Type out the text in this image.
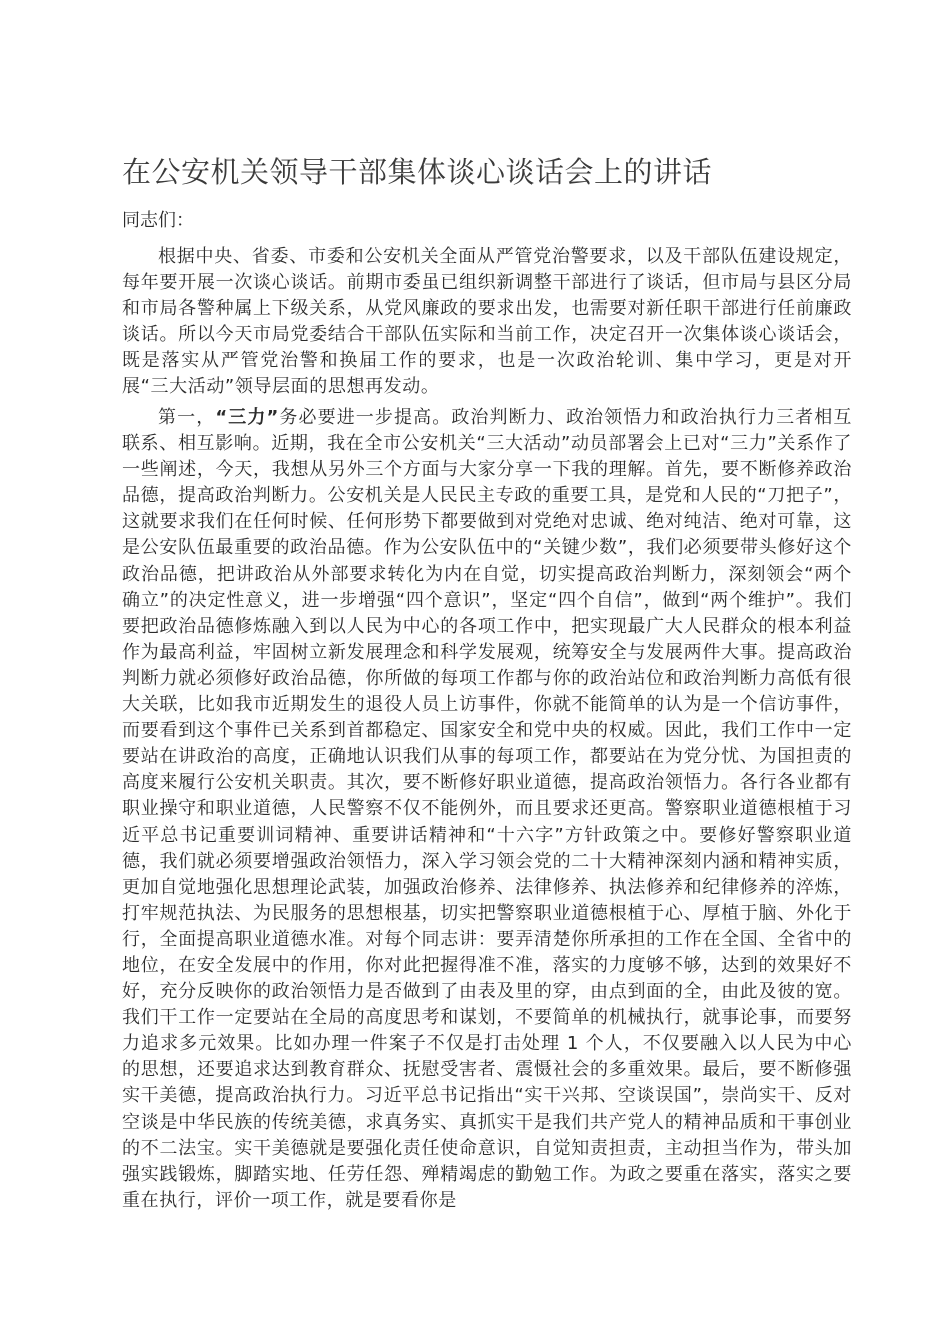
在公安机关领导干部集体谈心谈话会上的讲话

同志们：

根据中央、省委、市委和公安机关全面从严管党治警要求，以及干部队伍建设规定，每年要开展一次谈心谈话。前期市委虽已组织新调整干部进行了谈话，但市局与县区分局和市局各警种属上下级关系，从党风廉政的要求出发，也需要对新任职干部进行任前廉政谈话。所以今天市局党委结合干部队伍实际和当前工作，决定召开一次集体谈心谈话会，既是落实从严管党治警和换届工作的要求，也是一次政治轮训、集中学习，更是对开展“三大活动”领导层面的思想再发动。

第一，“三力”务必要进一步提高。政治判断力、政治领悟力和政治执行力三者相互联系、相互影响。近期，我在全市公安机关“三大活动”动员部署会上已对“三力”关系作了一些阐述，今天，我想从另外三个方面与大家分享一下我的理解。首先，要不断修养政治品德，提高政治判断力。公安机关是人民民主专政的重要工具，是党和人民的“刀把子”，这就要求我们在任何时候、任何形势下都要做到对党绝对忠诚、绝对纯洁、绝对可靠，这是公安队伍最重要的政治品德。作为公安队伍中的“关键少数”，我们必须要带头修好这个政治品德，把讲政治从外部要求转化为内在自觉，切实提高政治判断力，深刻领会“两个确立”的决定性意义，进一步增强“四个意识”，坚定“四个自信”，做到“两个维护”。我们要把政治品德修炼融入到以人民为中心的各项工作中，把实现最广大人民群众的根本利益作为最高利益，牢固树立新发展理念和科学发展观，统筹安全与发展两件大事。提高政治判断力就必须修好政治品德，你所做的每项工作都与你的政治站位和政治判断力高低有很大关联，比如我市近期发生的退役人员上访事件，你就不能简单的认为是一个信访事件，而要看到这个事件已关系到首都稳定、国家安全和党中央的权威。因此，我们工作中一定要站在讲政治的高度，正确地认识我们从事的每项工作，都要站在为党分忧、为国担责的高度来履行公安机关职责。其次，要不断修好职业道德，提高政治领悟力。各行各业都有职业操守和职业道德，人民警察不仅不能例外，而且要求还更高。警察职业道德根植于习近平总书记重要训词精神、重要讲话精神和“十六字”方针政策之中。要修好警察职业道德，我们就必须要增强政治领悟力，深入学习领会党的二十大精神深刻内涵和精神实质，更加自觉地强化思想理论武装，加强政治修养、法律修养、执法修养和纪律修养的淬炼，打牢规范执法、为民服务的思想根基，切实把警察职业道德根植于心、厚植于脑、外化于行，全面提高职业道德水准。对每个同志讲：要弄清楚你所承担的工作在全国、全省中的地位，在安全发展中的作用，你对此把握得准不准，落实的力度够不够，达到的效果好不好，充分反映你的政治领悟力是否做到了由表及里的穿，由点到面的全，由此及彼的宽。我们干工作一定要站在全局的高度思考和谋划，不要简单的机械执行，就事论事，而要努力追求多元效果。比如办理一件案子不仅是打击处理 1 个人，不仅要融入以人民为中心的思想，还要追求达到教育群众、抚慰受害者、震慑社会的多重效果。最后，要不断修强实干美德，提高政治执行力。习近平总书记指出“实干兴邦、空谈误国”，崇尚实干、反对空谈是中华民族的传统美德，求真务实、真抓实干是我们共产党人的精神品质和干事创业的不二法宝。实干美德就是要强化责任使命意识，自觉知责担责，主动担当作为，带头加强实践锻炼，脚踏实地、任劳任怨、殚精竭虑的勤勉工作。为政之要重在落实，落实之要重在执行，评价一项工作，就是要看你是
